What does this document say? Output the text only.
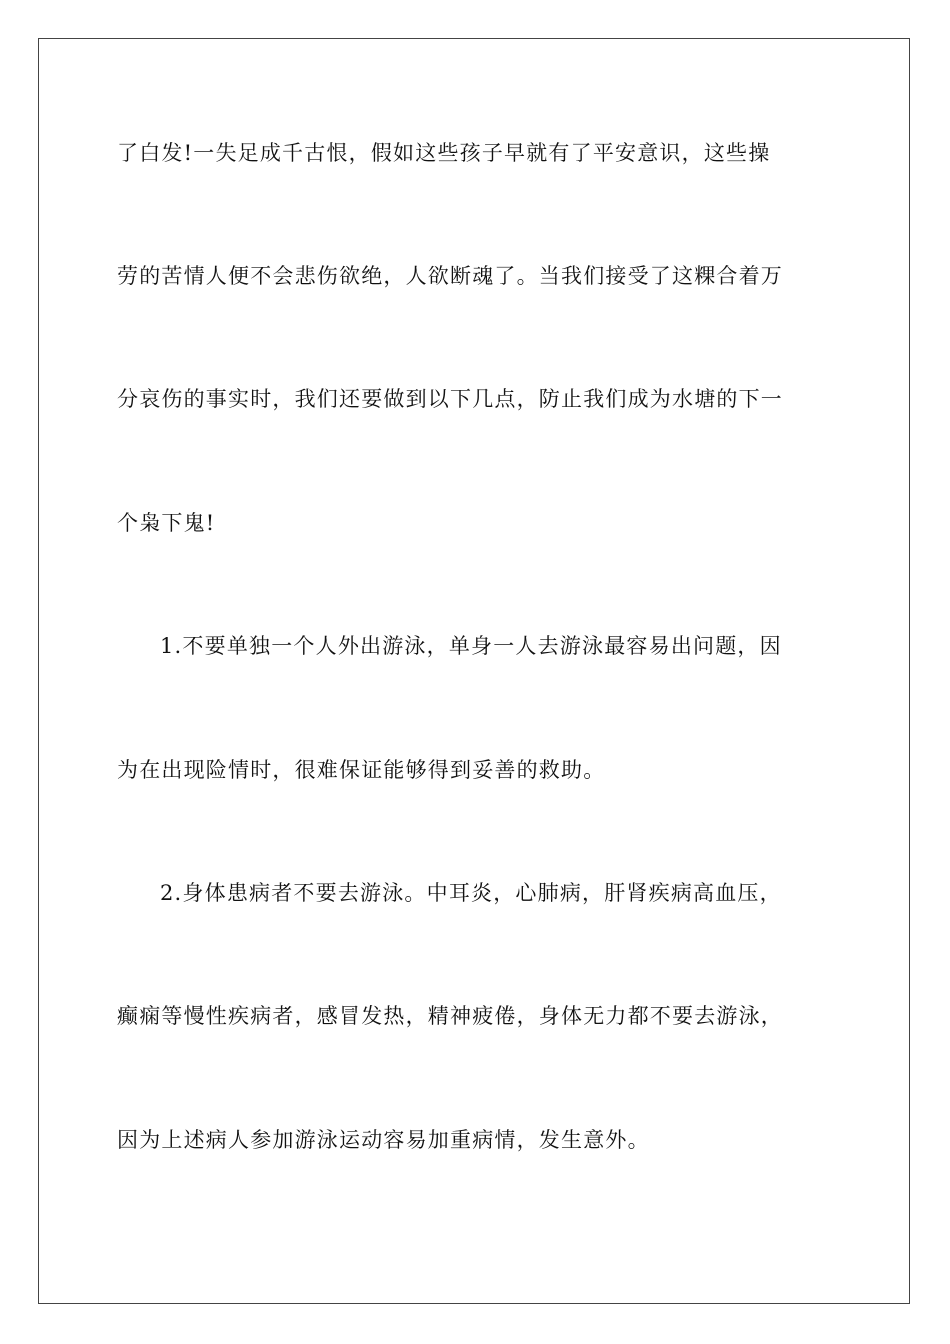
了白发!一失足成千古恨，假如这些孩子早就有了平安意识，这些操
劳的苦情人便不会悲伤欲绝，人欲断魂了。当我们接受了这粿合着万
分哀伤的事实时，我们还要做到以下几点，防止我们成为水塘的下一
个枭下鬼!
1.不要单独一个人外出游泳，单身一人去游泳最容易出问题，因
为在出现险情时，很难保证能够得到妥善的救助。
2.身体患病者不要去游泳。中耳炎，心肺病，肝肾疾病高血压，
癫痫等慢性疾病者，感冒发热，精神疲倦，身体无力都不要去游泳，
因为上述病人参加游泳运动容易加重病情，发生意外。
